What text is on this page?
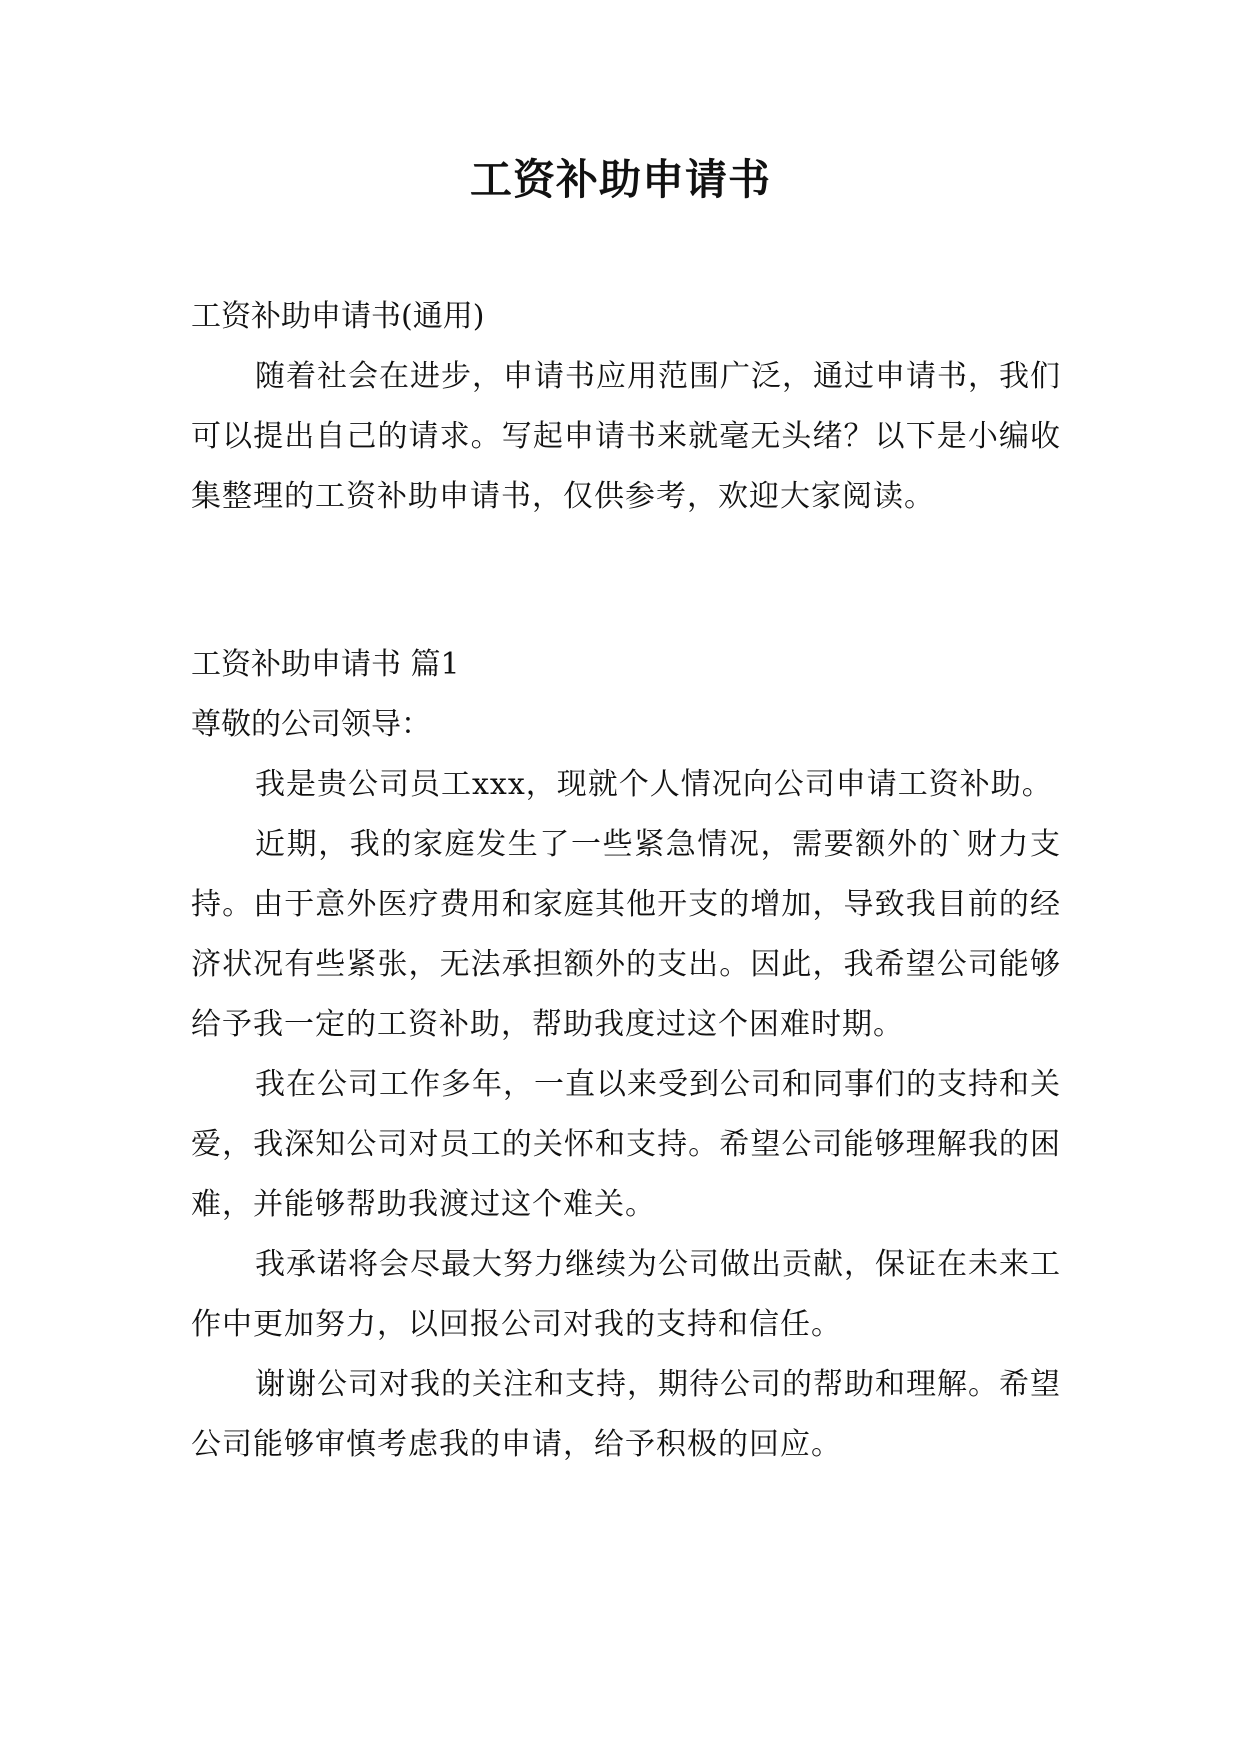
工资补助申请书

工资补助申请书(通用)

随着社会在进步，申请书应用范围广泛，通过申请书，我们可以提出自己的请求。写起申请书来就毫无头绪？以下是小编收集整理的工资补助申请书，仅供参考，欢迎大家阅读。

工资补助申请书 篇1

尊敬的公司领导：

我是贵公司员工xxx，现就个人情况向公司申请工资补助。

近期，我的家庭发生了一些紧急情况，需要额外的`财力支持。由于意外医疗费用和家庭其他开支的增加，导致我目前的经济状况有些紧张，无法承担额外的支出。因此，我希望公司能够给予我一定的工资补助，帮助我度过这个困难时期。

我在公司工作多年，一直以来受到公司和同事们的支持和关爱，我深知公司对员工的关怀和支持。希望公司能够理解我的困难，并能够帮助我渡过这个难关。

我承诺将会尽最大努力继续为公司做出贡献，保证在未来工作中更加努力，以回报公司对我的支持和信任。

谢谢公司对我的关注和支持，期待公司的帮助和理解。希望公司能够审慎考虑我的申请，给予积极的回应。
